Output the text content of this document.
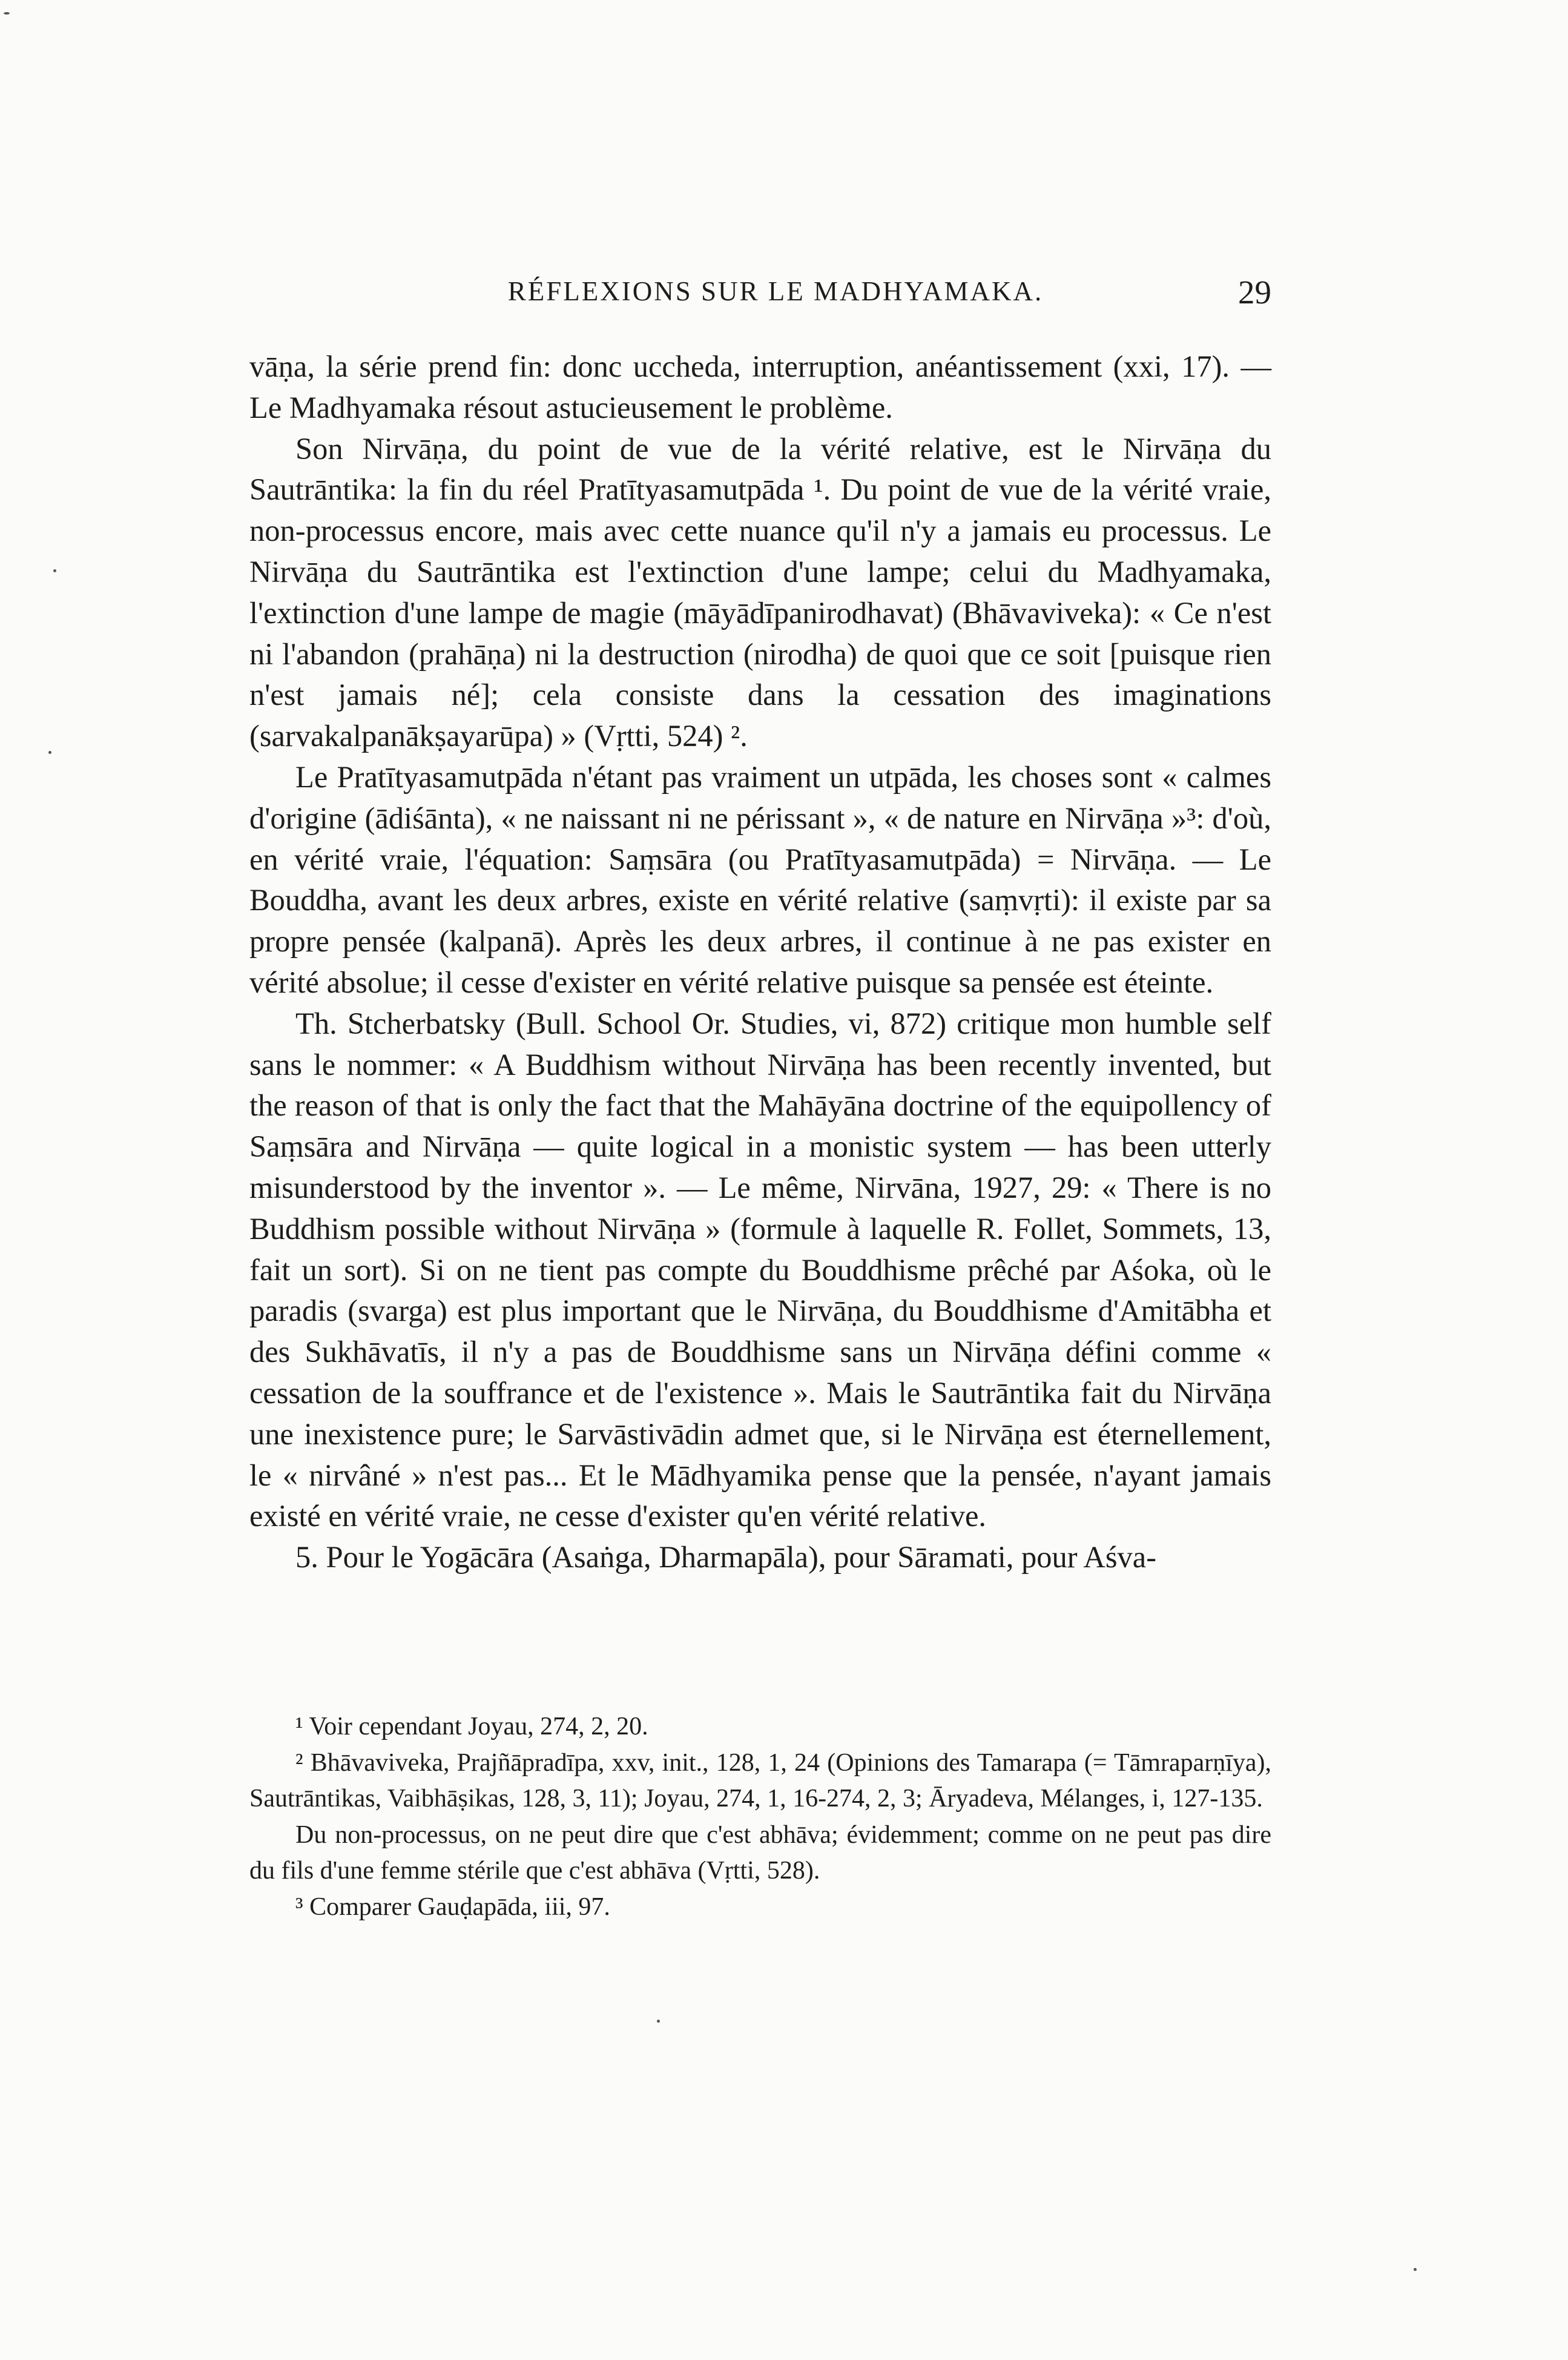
RÉFLEXIONS SUR LE MADHYAMAKA.	29

vāṇa, la série prend fin: donc uccheda, interruption, anéantissement (xxi, 17). — Le Madhyamaka résout astucieusement le problème.

Son Nirvāṇa, du point de vue de la vérité relative, est le Nirvāṇa du Sautrāntika: la fin du réel Pratītyasamutpāda ¹. Du point de vue de la vérité vraie, non-processus encore, mais avec cette nuance qu'il n'y a jamais eu processus. Le Nirvāṇa du Sautrāntika est l'extinction d'une lampe; celui du Madhyamaka, l'extinction d'une lampe de magie (māyādīpanirodhavat) (Bhāvaviveka): « Ce n'est ni l'abandon (prahāṇa) ni la destruction (nirodha) de quoi que ce soit [puisque rien n'est jamais né]; cela consiste dans la cessation des imaginations (sarvakalpanākṣayarūpa) » (Vṛtti, 524) ².

Le Pratītyasamutpāda n'étant pas vraiment un utpāda, les choses sont « calmes d'origine (ādiśānta), « ne naissant ni ne périssant », « de nature en Nirvāṇa »³: d'où, en vérité vraie, l'équation: Saṃsāra (ou Pratītyasamutpāda) = Nirvāṇa. — Le Bouddha, avant les deux arbres, existe en vérité relative (saṃvṛti): il existe par sa propre pensée (kalpanā). Après les deux arbres, il continue à ne pas exister en vérité absolue; il cesse d'exister en vérité relative puisque sa pensée est éteinte.

Th. Stcherbatsky (Bull. School Or. Studies, vi, 872) critique mon humble self sans le nommer: « A Buddhism without Nirvāṇa has been recently invented, but the reason of that is only the fact that the Mahāyāna doctrine of the equipollency of Saṃsāra and Nirvāṇa — quite logical in a monistic system — has been utterly misunderstood by the inventor ». — Le même, Nirvāna, 1927, 29: « There is no Buddhism possible without Nirvāṇa » (formule à laquelle R. Follet, Sommets, 13, fait un sort). Si on ne tient pas compte du Bouddhisme prêché par Aśoka, où le paradis (svarga) est plus important que le Nirvāṇa, du Bouddhisme d'Amitābha et des Sukhāvatīs, il n'y a pas de Bouddhisme sans un Nirvāṇa défini comme « cessation de la souffrance et de l'existence ». Mais le Sautrāntika fait du Nirvāṇa une inexistence pure; le Sarvāstivādin admet que, si le Nirvāṇa est éternellement, le « nirvâné » n'est pas... Et le Mādhyamika pense que la pensée, n'ayant jamais existé en vérité vraie, ne cesse d'exister qu'en vérité relative.

5. Pour le Yogācāra (Asaṅga, Dharmapāla), pour Sāramati, pour Aśva-

¹ Voir cependant Joyau, 274, 2, 20.

² Bhāvaviveka, Prajñāpradīpa, xxv, init., 128, 1, 24 (Opinions des Tamarapa (= Tāmraparṇīya), Sautrāntikas, Vaibhāṣikas, 128, 3, 11); Joyau, 274, 1, 16-274, 2, 3; Āryadeva, Mélanges, i, 127-135.

Du non-processus, on ne peut dire que c'est abhāva; évidemment; comme on ne peut pas dire du fils d'une femme stérile que c'est abhāva (Vṛtti, 528).

³ Comparer Gauḍapāda, iii, 97.
